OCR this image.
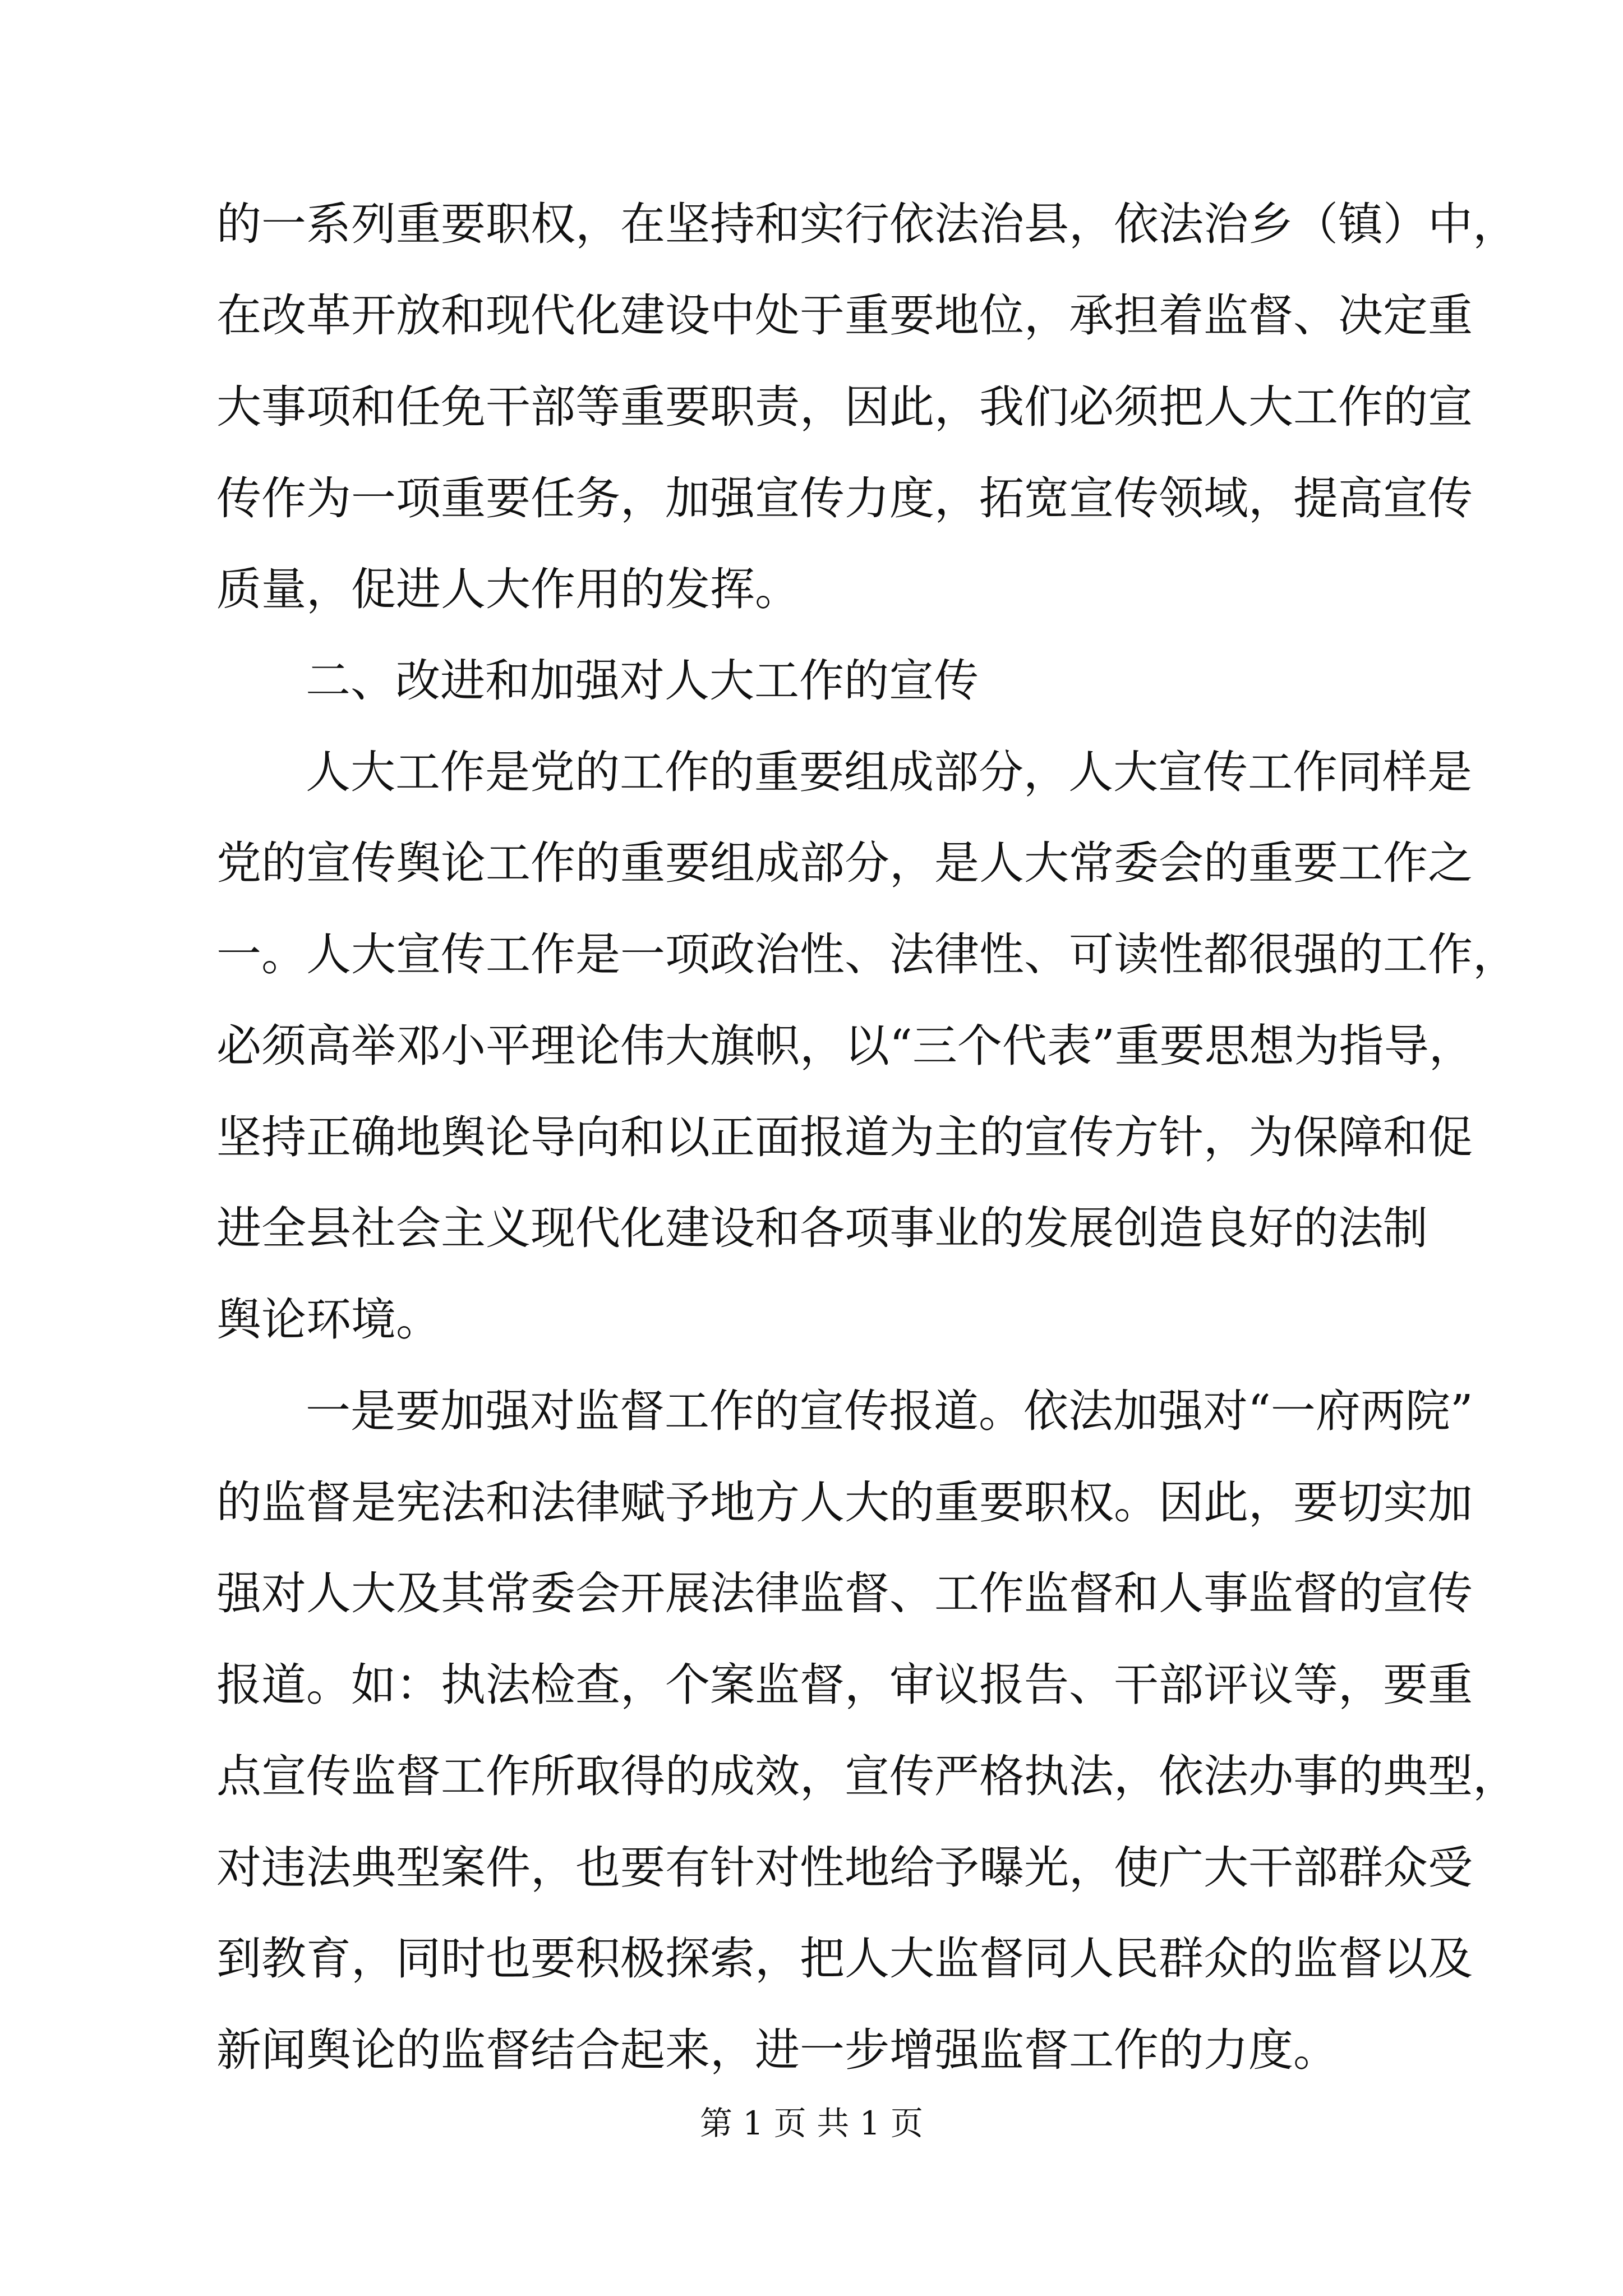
的一系列重要职权，在坚持和实行依法治县，依法治乡（镇）中，

在改革开放和现代化建设中处于重要地位，承担着监督、决定重

大事项和任免干部等重要职责，因此，我们必须把人大工作的宣

传作为一项重要任务，加强宣传力度，拓宽宣传领域，提高宣传

质量，促进人大作用的发挥。

二、改进和加强对人大工作的宣传

人大工作是党的工作的重要组成部分，人大宣传工作同样是

党的宣传舆论工作的重要组成部分，是人大常委会的重要工作之

一。人大宣传工作是一项政治性、法律性、可读性都很强的工作，

必须高举邓小平理论伟大旗帜，以“三个代表”重要思想为指导，

坚持正确地舆论导向和以正面报道为主的宣传方针，为保障和促

进全县社会主义现代化建设和各项事业的发展创造良好的法制

舆论环境。

一是要加强对监督工作的宣传报道。依法加强对“一府两院”

的监督是宪法和法律赋予地方人大的重要职权。因此，要切实加

强对人大及其常委会开展法律监督、工作监督和人事监督的宣传

报道。如：执法检查，个案监督，审议报告、干部评议等，要重

点宣传监督工作所取得的成效，宣传严格执法，依法办事的典型，

对违法典型案件，也要有针对性地给予曝光，使广大干部群众受

到教育，同时也要积极探索，把人大监督同人民群众的监督以及

新闻舆论的监督结合起来，进一步增强监督工作的力度。

第 1 页 共 1 页
